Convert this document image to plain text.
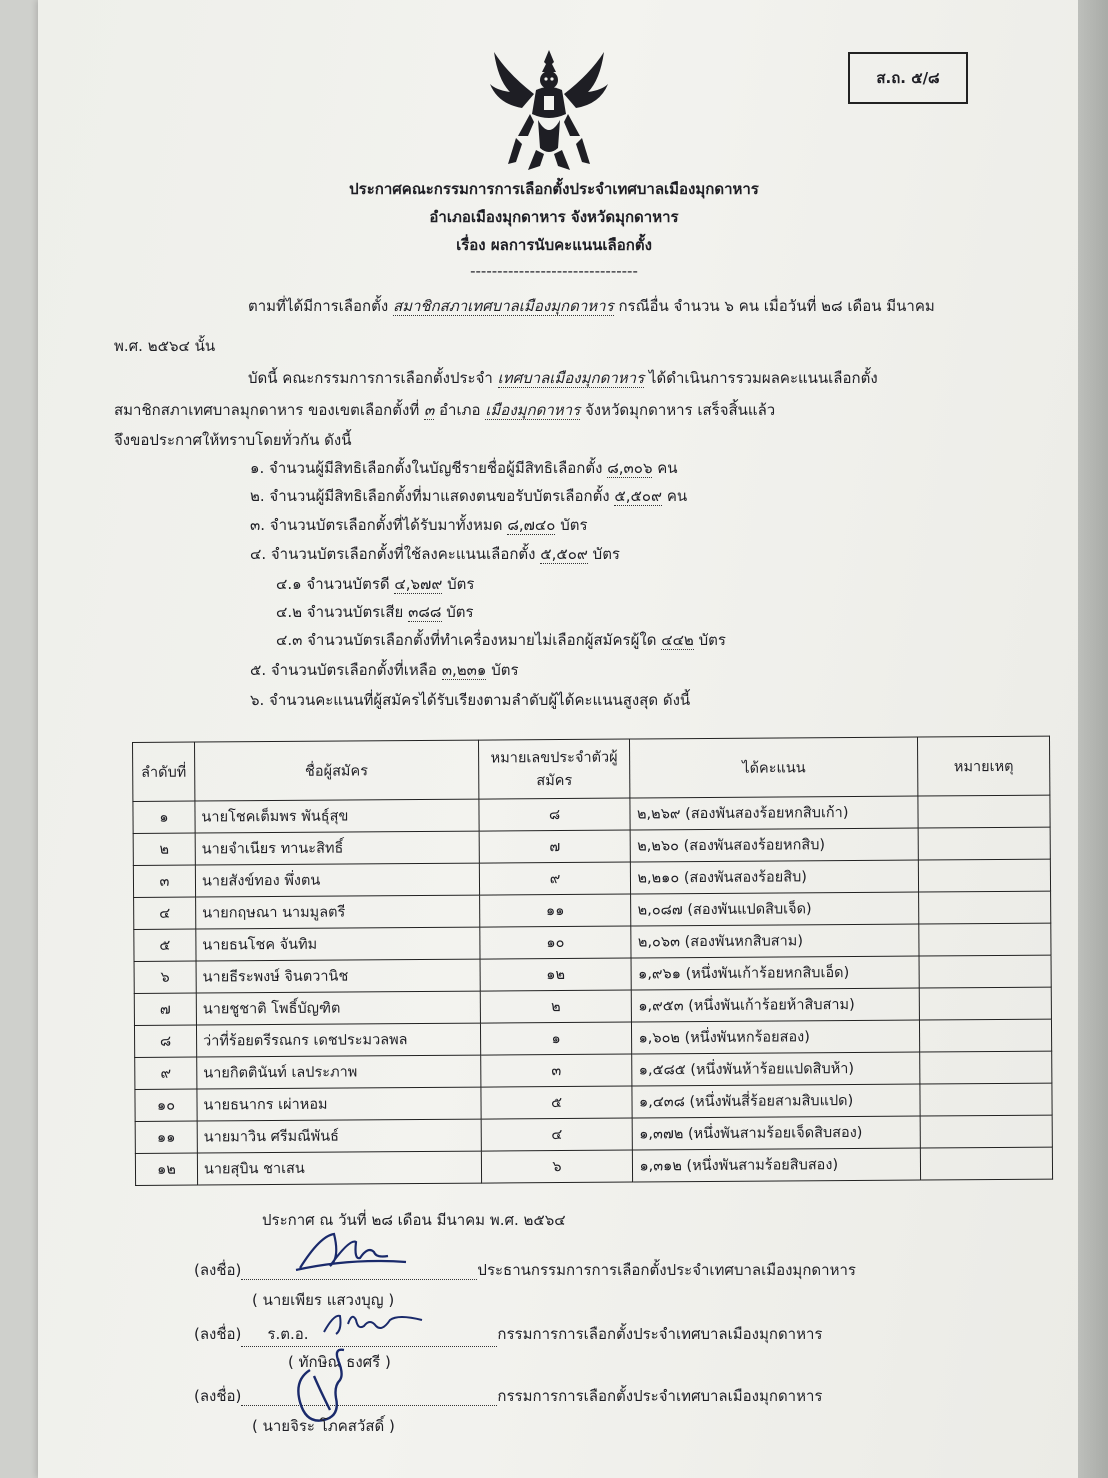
ส.ถ. ๕/๘
ประกาศคณะกรรมการการเลือกตั้งประจำเทศบาลเมืองมุกดาหาร
อำเภอเมืองมุกดาหาร จังหวัดมุกดาหาร
เรื่อง ผลการนับคะแนนเลือกตั้ง
-------------------------------
ตามที่ได้มีการเลือกตั้ง สมาชิกสภาเทศบาลเมืองมุกดาหาร กรณีอื่น จำนวน ๖ คน เมื่อวันที่ ๒๘ เดือน มีนาคม
พ.ศ. ๒๕๖๔ นั้น
บัดนี้ คณะกรรมการการเลือกตั้งประจำ เทศบาลเมืองมุกดาหาร ได้ดำเนินการรวมผลคะแนนเลือกตั้ง
สมาชิกสภาเทศบาลมุกดาหาร ของเขตเลือกตั้งที่ ๓ อำเภอ เมืองมุกดาหาร จังหวัดมุกดาหาร เสร็จสิ้นแล้ว
จึงขอประกาศให้ทราบโดยทั่วกัน ดังนี้
๑. จำนวนผู้มีสิทธิเลือกตั้งในบัญชีรายชื่อผู้มีสิทธิเลือกตั้ง ๘,๓๐๖ คน
๒. จำนวนผู้มีสิทธิเลือกตั้งที่มาแสดงตนขอรับบัตรเลือกตั้ง ๕,๕๐๙ คน
๓. จำนวนบัตรเลือกตั้งที่ได้รับมาทั้งหมด ๘,๗๔๐ บัตร
๔. จำนวนบัตรเลือกตั้งที่ใช้ลงคะแนนเลือกตั้ง ๕,๕๐๙ บัตร
๔.๑ จำนวนบัตรดี ๔,๖๗๙ บัตร
๔.๒ จำนวนบัตรเสีย ๓๘๘ บัตร
๔.๓ จำนวนบัตรเลือกตั้งที่ทำเครื่องหมายไม่เลือกผู้สมัครผู้ใด ๔๔๒ บัตร
๕. จำนวนบัตรเลือกตั้งที่เหลือ ๓,๒๓๑ บัตร
๖. จำนวนคะแนนที่ผู้สมัครได้รับเรียงตามลำดับผู้ได้คะแนนสูงสุด ดังนี้
ลำดับที่	ชื่อผู้สมัคร	หมายเลขประจำตัวผู้สมัคร	ได้คะแนน	หมายเหตุ
๑	นายโชคเต็มพร พันธุ์สุข	๘	๒,๒๖๙ (สองพันสองร้อยหกสิบเก้า)	
๒	นายจำเนียร ทานะสิทธิ์	๗	๒,๒๖๐ (สองพันสองร้อยหกสิบ)	
๓	นายสังข์ทอง พึ่งตน	๙	๒,๒๑๐ (สองพันสองร้อยสิบ)	
๔	นายกฤษณา นามมูลตรี	๑๑	๒,๐๘๗ (สองพันแปดสิบเจ็ด)	
๕	นายธนโชค จันทิม	๑๐	๒,๐๖๓ (สองพันหกสิบสาม)	
๖	นายธีระพงษ์ จินตวานิช	๑๒	๑,๙๖๑ (หนึ่งพันเก้าร้อยหกสิบเอ็ด)	
๗	นายชูชาติ โพธิ์บัญฑิต	๒	๑,๙๕๓ (หนึ่งพันเก้าร้อยห้าสิบสาม)	
๘	ว่าที่ร้อยตรีรณกร เดชประมวลพล	๑	๑,๖๐๒ (หนึ่งพันหกร้อยสอง)	
๙	นายกิตตินันท์ เลประภาพ	๓	๑,๕๘๕ (หนึ่งพันห้าร้อยแปดสิบห้า)	
๑๐	นายธนากร เผ่าหอม	๕	๑,๔๓๘ (หนึ่งพันสี่ร้อยสามสิบแปด)	
๑๑	นายมาวิน ศรีมณีพันธ์	๔	๑,๓๗๒ (หนึ่งพันสามร้อยเจ็ดสิบสอง)	
๑๒	นายสุบิน ชาเสน	๖	๑,๓๑๒ (หนึ่งพันสามร้อยสิบสอง)	
ประกาศ ณ วันที่ ๒๘ เดือน มีนาคม พ.ศ. ๒๕๖๔
(ลงชื่อ)	ประธานกรรมการการเลือกตั้งประจำเทศบาลเมืองมุกดาหาร
( นายเพียร แสวงบุญ )
(ลงชื่อ) ร.ต.อ.	กรรมการการเลือกตั้งประจำเทศบาลเมืองมุกดาหาร
( ทักษิณ ธงศรี )
(ลงชื่อ)	กรรมการการเลือกตั้งประจำเทศบาลเมืองมุกดาหาร
( นายจิระ โภคสวัสดิ์ )
